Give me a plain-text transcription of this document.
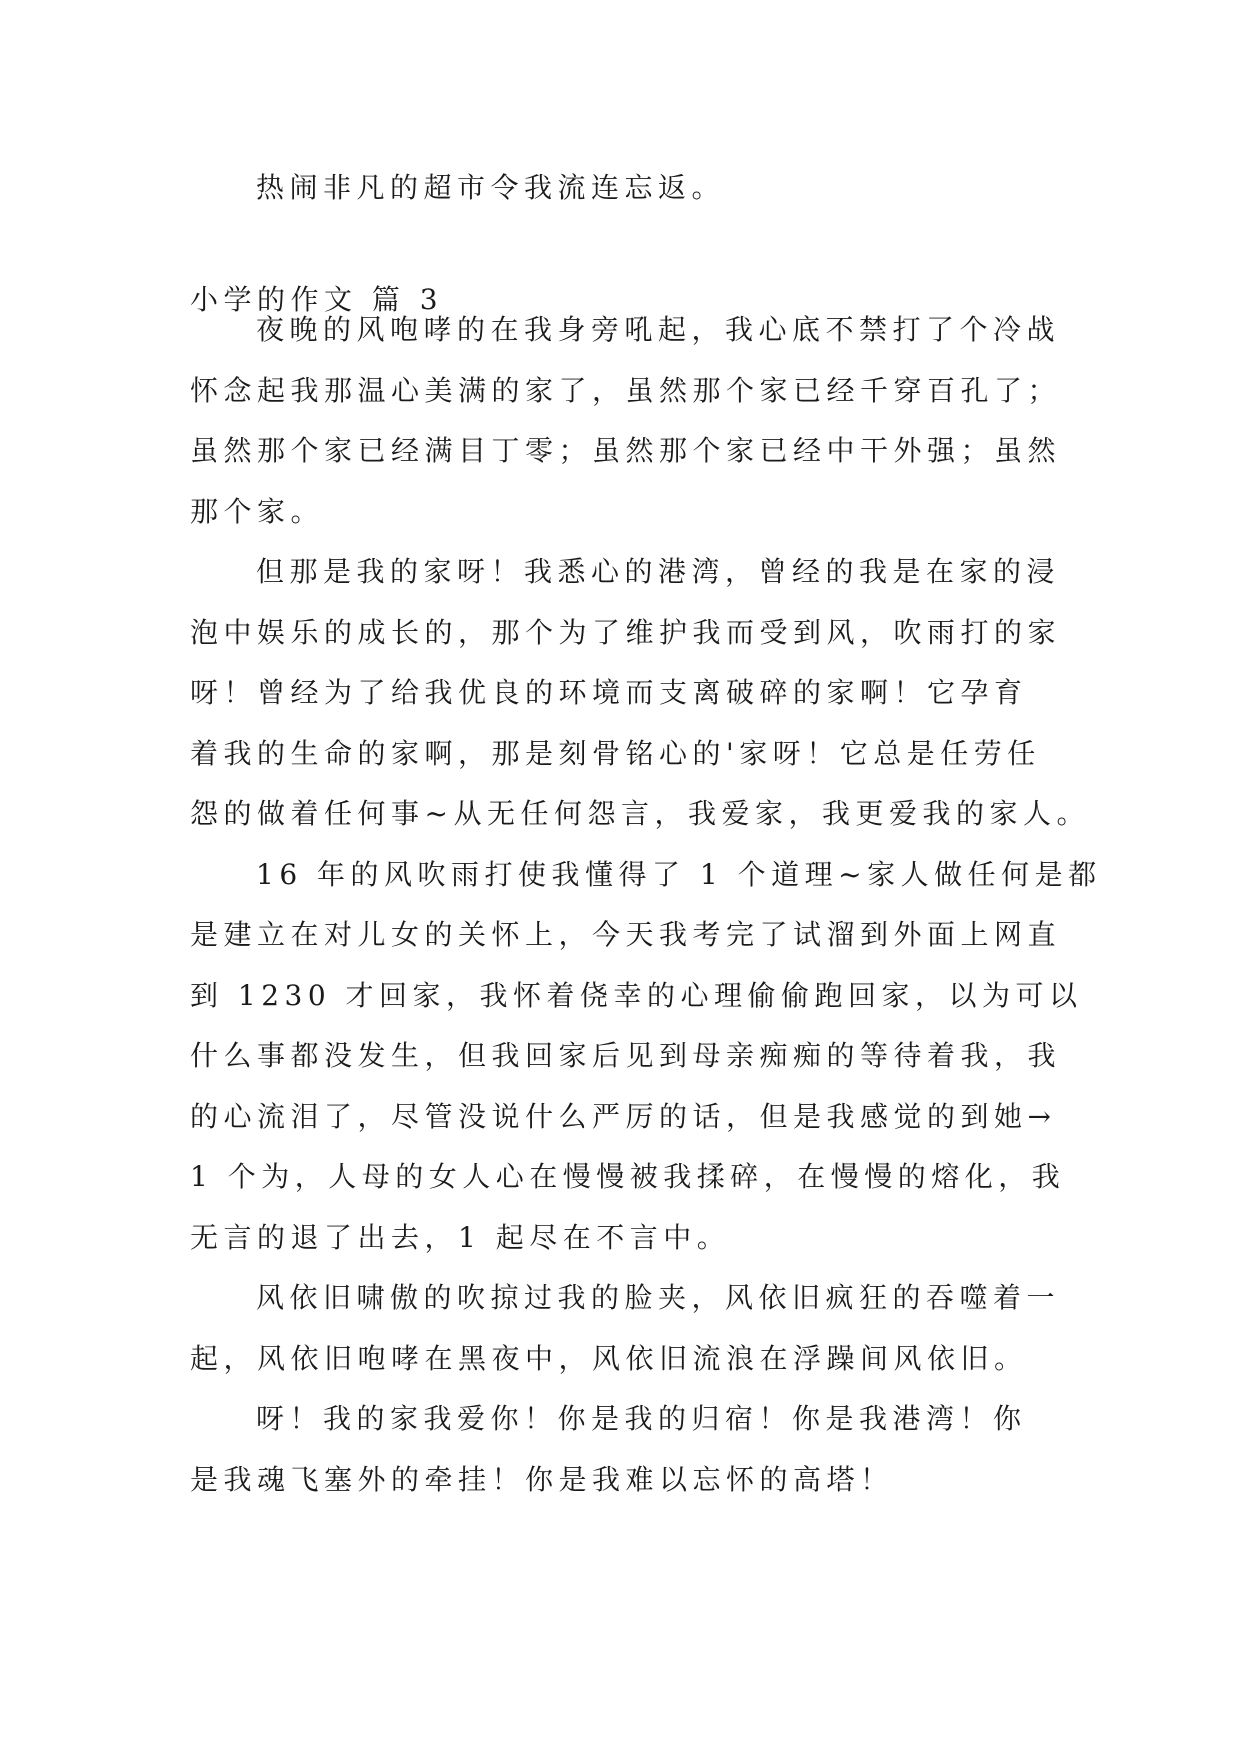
热闹非凡的超市令我流连忘返。
小学的作文 篇 3
夜晚的风咆哮的在我身旁吼起，我心底不禁打了个冷战
怀念起我那温心美满的家了，虽然那个家已经千穿百孔了；
虽然那个家已经满目丁零；虽然那个家已经中干外强；虽然
那个家。
但那是我的家呀！我悉心的港湾，曾经的我是在家的浸
泡中娱乐的成长的，那个为了维护我而受到风，吹雨打的家
呀！曾经为了给我优良的环境而支离破碎的家啊！它孕育
着我的生命的家啊，那是刻骨铭心的'家呀！它总是任劳任
怨的做着任何事~从无任何怨言，我爱家，我更爱我的家人。
16 年的风吹雨打使我懂得了 1 个道理~家人做任何是都
是建立在对儿女的关怀上，今天我考完了试溜到外面上网直
到 1230 才回家，我怀着侥幸的心理偷偷跑回家，以为可以
什么事都没发生，但我回家后见到母亲痴痴的等待着我，我
的心流泪了，尽管没说什么严厉的话，但是我感觉的到她→
1 个为，人母的女人心在慢慢被我揉碎，在慢慢的熔化，我
无言的退了出去，1 起尽在不言中。
风依旧啸傲的吹掠过我的脸夹，风依旧疯狂的吞噬着一
起，风依旧咆哮在黑夜中，风依旧流浪在浮躁间风依旧。
呀！我的家我爱你！你是我的归宿！你是我港湾！你
是我魂飞塞外的牵挂！你是我难以忘怀的高塔！
